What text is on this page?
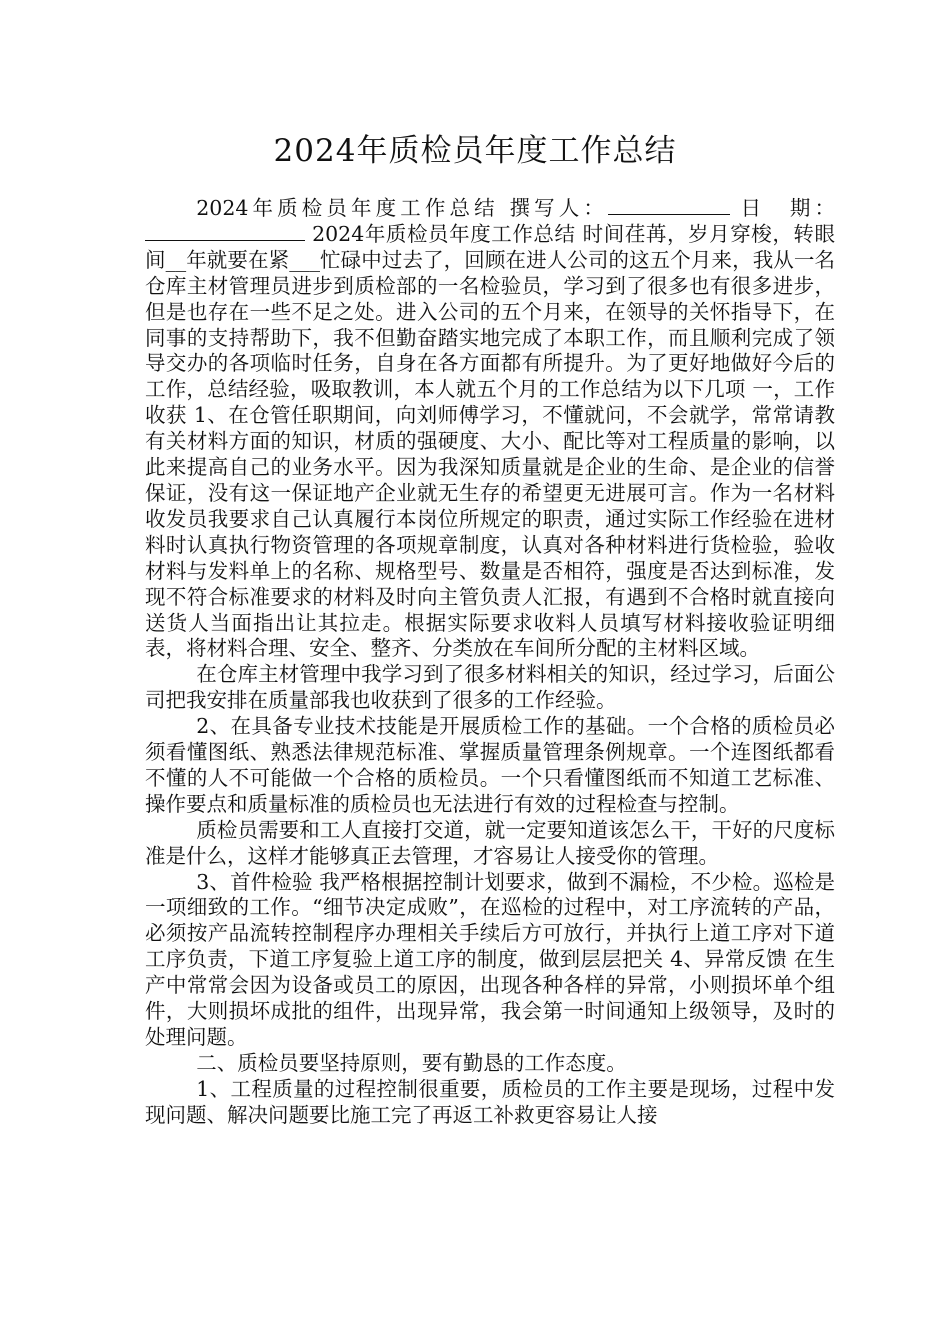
2024年质检员年度工作总结

2024年质检员年度工作总结 撰写人：	日　期： 2024年质检员年度工作总结 时间荏苒，岁月穿梭，转眼间__年就要在紧___忙碌中过去了，回顾在进人公司的这五个月来，我从一名仓库主材管理员进步到质检部的一名检验员，学习到了很多也有很多进步，但是也存在一些不足之处。进入公司的五个月来，在领导的关怀指导下，在同事的支持帮助下，我不但勤奋踏实地完成了本职工作，而且顺利完成了领导交办的各项临时任务，自身在各方面都有所提升。为了更好地做好今后的工作，总结经验，吸取教训，本人就五个月的工作总结为以下几项 一，工作收获 1、在仓管任职期间，向刘师傅学习，不懂就问，不会就学，常常请教有关材料方面的知识，材质的强硬度、大小、配比等对工程质量的影响，以此来提高自己的业务水平。因为我深知质量就是企业的生命、是企业的信誉保证，没有这一保证地产企业就无生存的希望更无进展可言。作为一名材料收发员我要求自己认真履行本岗位所规定的职责，通过实际工作经验在进材料时认真执行物资管理的各项规章制度，认真对各种材料进行货检验，验收材料与发料单上的名称、规格型号、数量是否相符，强度是否达到标准，发现不符合标准要求的材料及时向主管负责人汇报，有遇到不合格时就直接向送货人当面指出让其拉走。根据实际要求收料人员填写材料接收验证明细表，将材料合理、安全、整齐、分类放在车间所分配的主材料区域。

在仓库主材管理中我学习到了很多材料相关的知识，经过学习，后面公司把我安排在质量部我也收获到了很多的工作经验。

2、在具备专业技术技能是开展质检工作的基础。一个合格的质检员必须看懂图纸、熟悉法律规范标准、掌握质量管理条例规章。一个连图纸都看不懂的人不可能做一个合格的质检员。一个只看懂图纸而不知道工艺标准、操作要点和质量标准的质检员也无法进行有效的过程检查与控制。

质检员需要和工人直接打交道，就一定要知道该怎么干，干好的尺度标准是什么，这样才能够真正去管理，才容易让人接受你的管理。

3、首件检验 我严格根据控制计划要求，做到不漏检，不少检。巡检是一项细致的工作。“细节决定成败”，在巡检的过程中，对工序流转的产品，必须按产品流转控制程序办理相关手续后方可放行，并执行上道工序对下道工序负责，下道工序复验上道工序的制度，做到层层把关 4、异常反馈 在生产中常常会因为设备或员工的原因，出现各种各样的异常，小则损坏单个组件，大则损坏成批的组件，出现异常，我会第一时间通知上级领导，及时的处理问题。

二、质检员要坚持原则，要有勤恳的工作态度。

1、工程质量的过程控制很重要，质检员的工作主要是现场，过程中发现问题、解决问题要比施工完了再返工补救更容易让人接
